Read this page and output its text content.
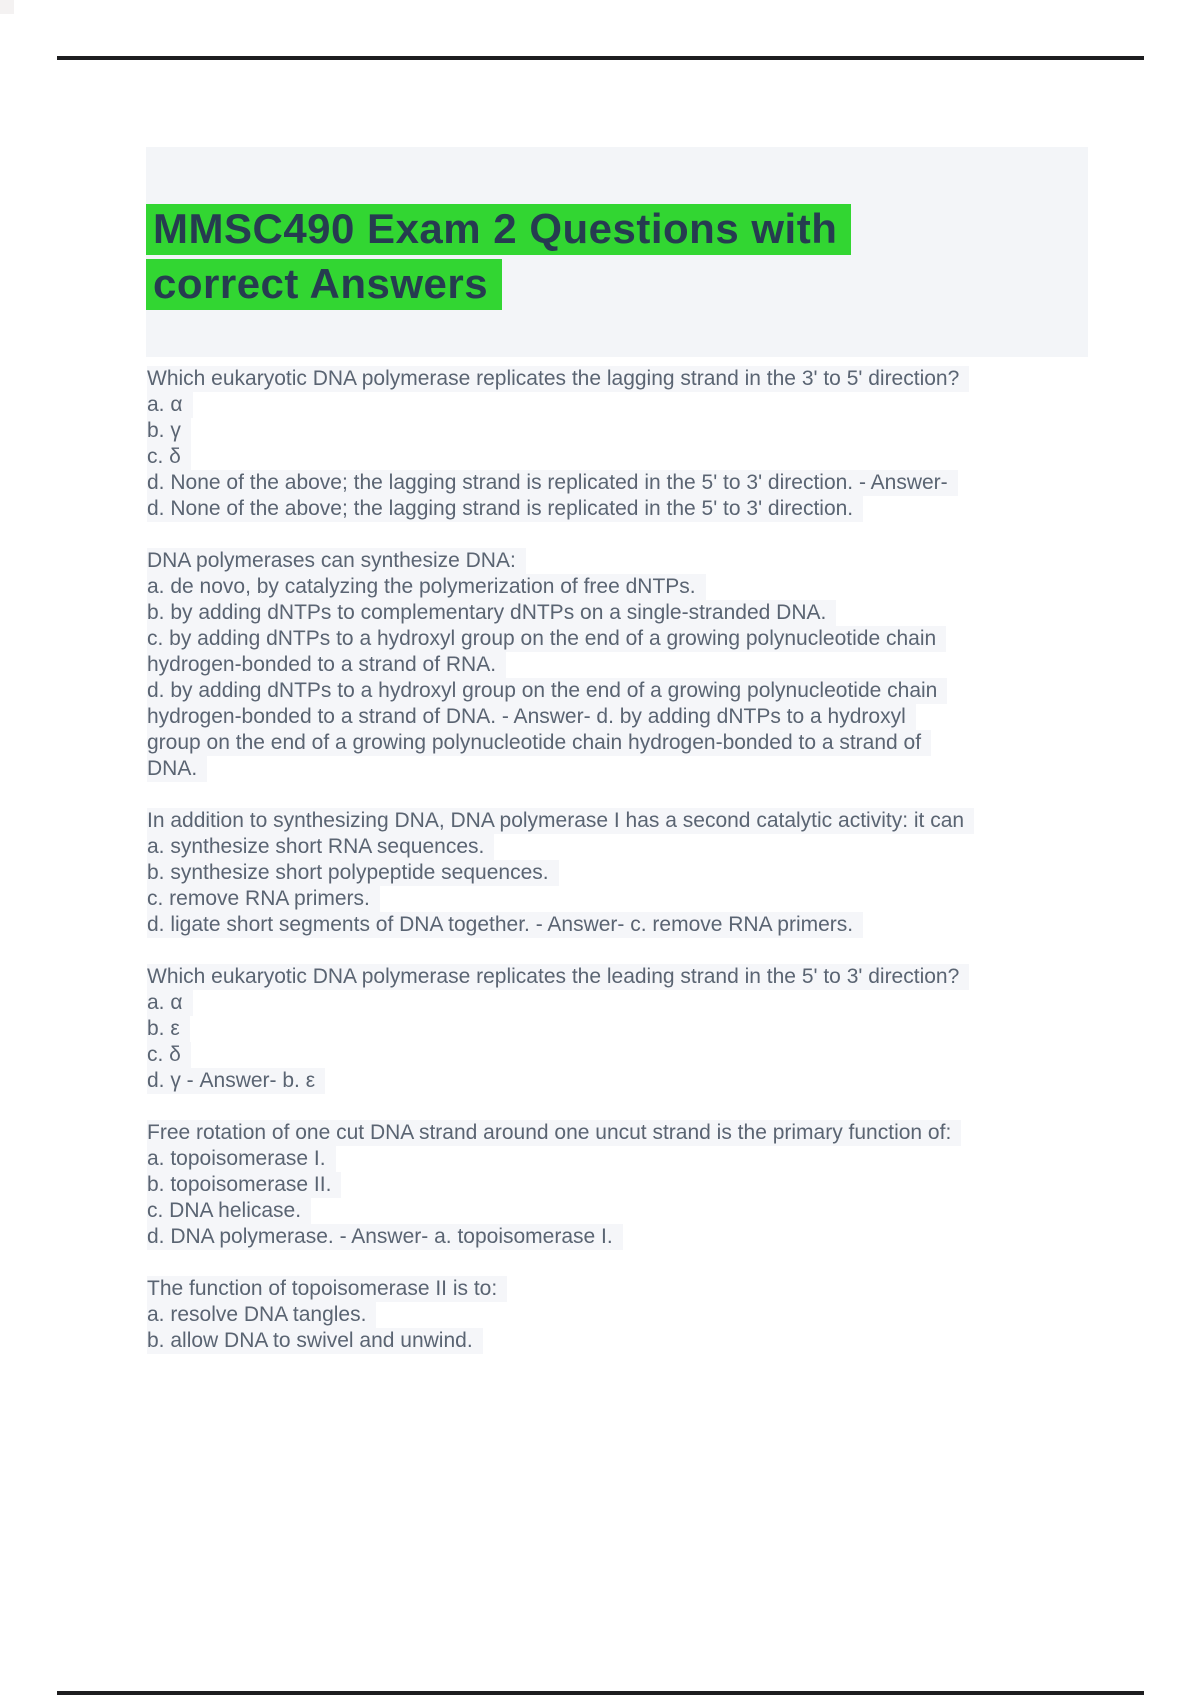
MMSC490 Exam 2 Questions with correct Answers
Which eukaryotic DNA polymerase replicates the lagging strand in the 3' to 5' direction?
a. α
b. γ
c. δ
d. None of the above; the lagging strand is replicated in the 5' to 3' direction. - Answer-
d. None of the above; the lagging strand is replicated in the 5' to 3' direction.
DNA polymerases can synthesize DNA:
a. de novo, by catalyzing the polymerization of free dNTPs.
b. by adding dNTPs to complementary dNTPs on a single-stranded DNA.
c. by adding dNTPs to a hydroxyl group on the end of a growing polynucleotide chain
hydrogen-bonded to a strand of RNA.
d. by adding dNTPs to a hydroxyl group on the end of a growing polynucleotide chain
hydrogen-bonded to a strand of DNA. - Answer- d. by adding dNTPs to a hydroxyl
group on the end of a growing polynucleotide chain hydrogen-bonded to a strand of
DNA.
In addition to synthesizing DNA, DNA polymerase I has a second catalytic activity: it can
a. synthesize short RNA sequences.
b. synthesize short polypeptide sequences.
c. remove RNA primers.
d. ligate short segments of DNA together. - Answer- c. remove RNA primers.
Which eukaryotic DNA polymerase replicates the leading strand in the 5' to 3' direction?
a. α
b. ε
c. δ
d. γ - Answer- b. ε
Free rotation of one cut DNA strand around one uncut strand is the primary function of:
a. topoisomerase I.
b. topoisomerase II.
c. DNA helicase.
d. DNA polymerase. - Answer- a. topoisomerase I.
The function of topoisomerase II is to:
a. resolve DNA tangles.
b. allow DNA to swivel and unwind.
